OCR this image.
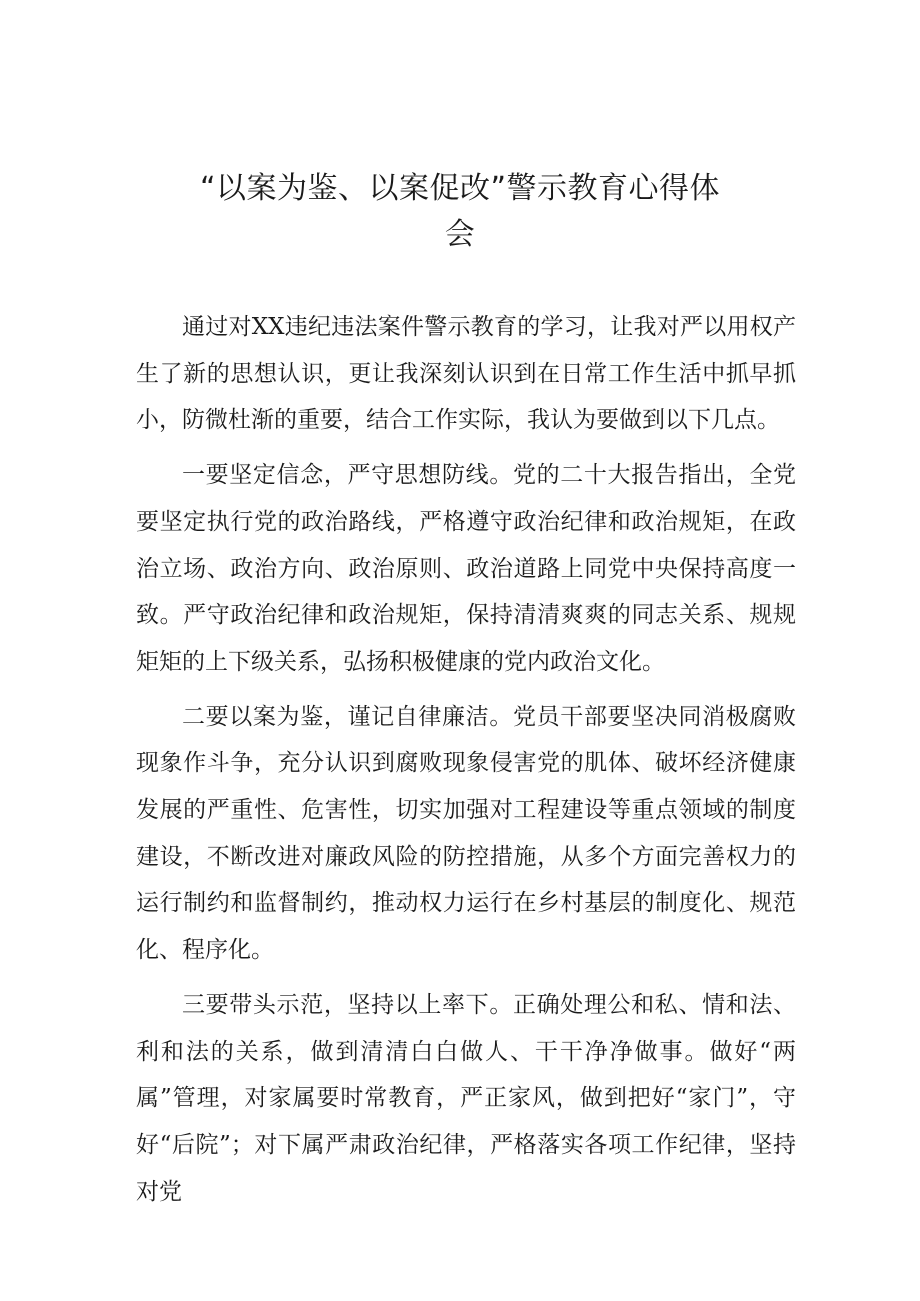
“以案为鉴、以案促改”警示教育心得体
会

通过对XX违纪违法案件警示教育的学习，让我对严以用权产生了新的思想认识，更让我深刻认识到在日常工作生活中抓早抓小，防微杜渐的重要，结合工作实际，我认为要做到以下几点。

一要坚定信念，严守思想防线。党的二十大报告指出，全党要坚定执行党的政治路线，严格遵守政治纪律和政治规矩，在政治立场、政治方向、政治原则、政治道路上同党中央保持高度一致。严守政治纪律和政治规矩，保持清清爽爽的同志关系、规规矩矩的上下级关系，弘扬积极健康的党内政治文化。

二要以案为鉴，谨记自律廉洁。党员干部要坚决同消极腐败现象作斗争，充分认识到腐败现象侵害党的肌体、破坏经济健康发展的严重性、危害性，切实加强对工程建设等重点领域的制度建设，不断改进对廉政风险的防控措施，从多个方面完善权力的运行制约和监督制约，推动权力运行在乡村基层的制度化、规范化、程序化。

三要带头示范，坚持以上率下。正确处理公和私、情和法、利和法的关系，做到清清白白做人、干干净净做事。做好“两属”管理，对家属要时常教育，严正家风，做到把好“家门”，守好“后院”；对下属严肃政治纪律，严格落实各项工作纪律，坚持对党
